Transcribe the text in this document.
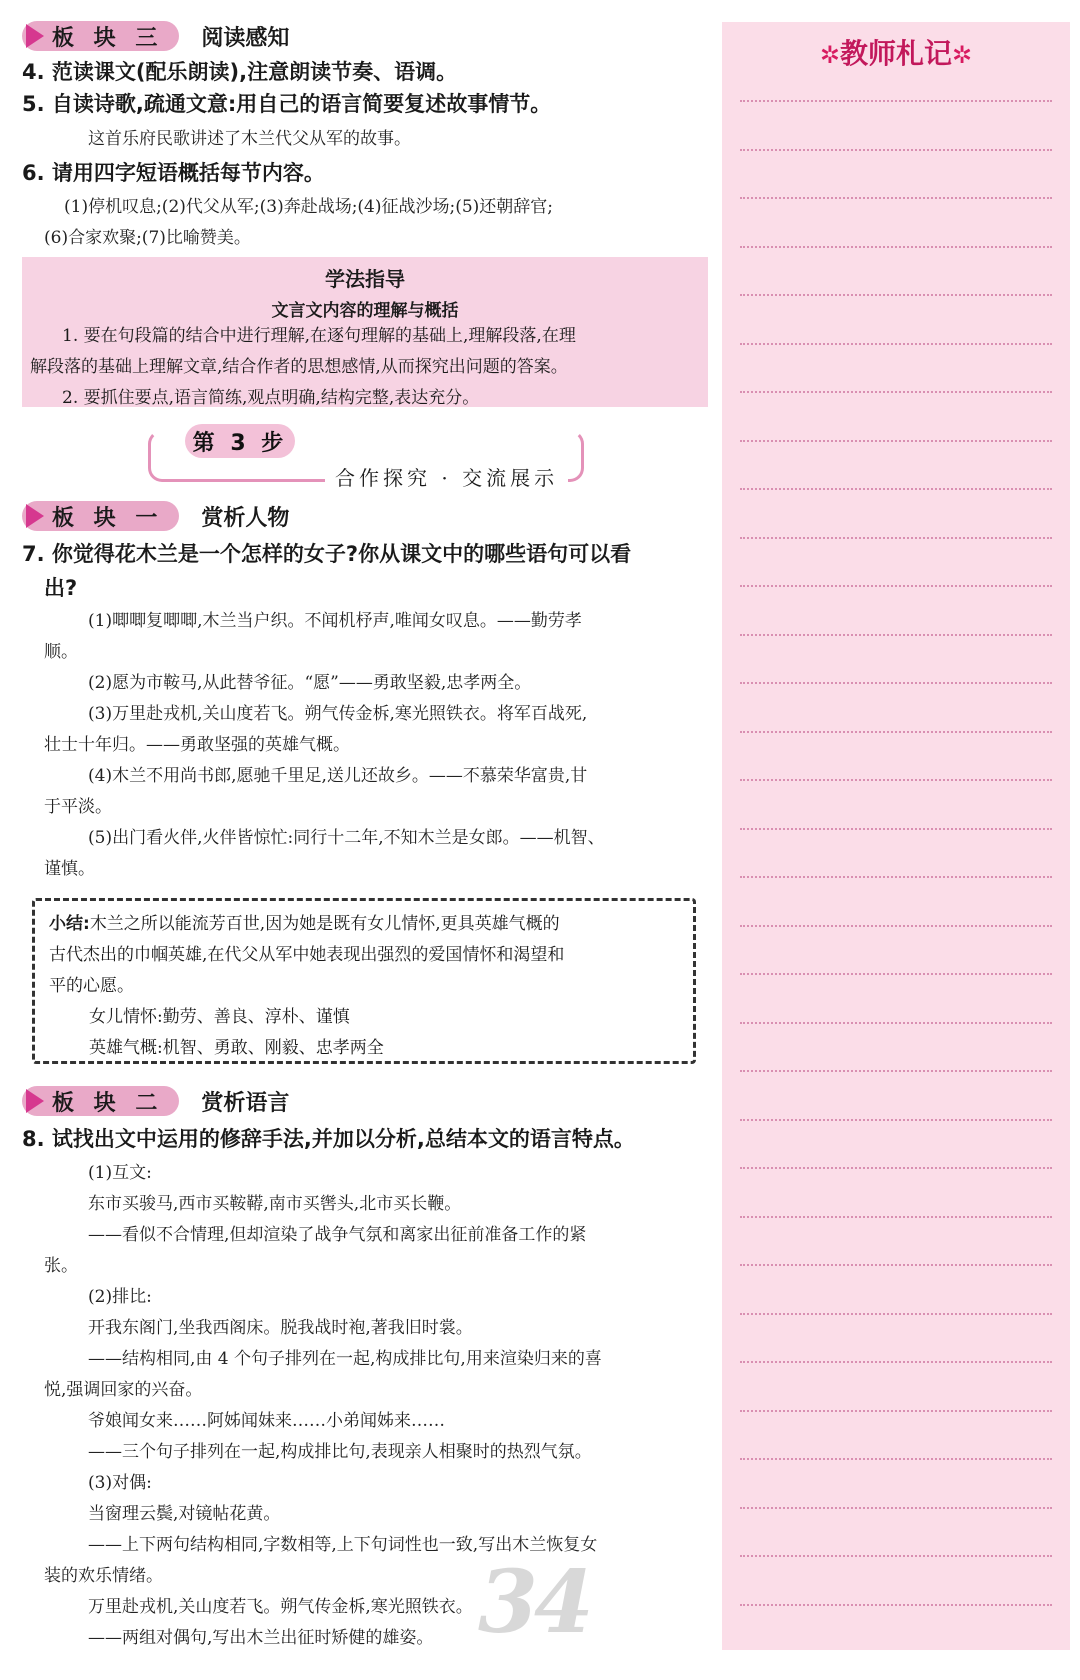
板 块 三 阅读感知
4. 范读课文(配乐朗读),注意朗读节奏、语调。
5. 自读诗歌,疏通文意:用自己的语言简要复述故事情节。
这首乐府民歌讲述了木兰代父从军的故事。
6. 请用四字短语概括每节内容。
(1)停机叹息;(2)代父从军;(3)奔赴战场;(4)征战沙场;(5)还朝辞官;
(6)合家欢聚;(7)比喻赞美。
学法指导
文言文内容的理解与概括
1. 要在句段篇的结合中进行理解,在逐句理解的基础上,理解段落,在理
解段落的基础上理解文章,结合作者的思想感情,从而探究出问题的答案。
2. 要抓住要点,语言简练,观点明确,结构完整,表达充分。
第 3 步
合作探究 · 交流展示
板 块 一 赏析人物
7. 你觉得花木兰是一个怎样的女子?你从课文中的哪些语句可以看
出?
(1)唧唧复唧唧,木兰当户织。不闻机杼声,唯闻女叹息。——勤劳孝
顺。
(2)愿为市鞍马,从此替爷征。“愿”——勇敢坚毅,忠孝两全。
(3)万里赴戎机,关山度若飞。朔气传金柝,寒光照铁衣。将军百战死,
壮士十年归。——勇敢坚强的英雄气概。
(4)木兰不用尚书郎,愿驰千里足,送儿还故乡。——不慕荣华富贵,甘
于平淡。
(5)出门看火伴,火伴皆惊忙:同行十二年,不知木兰是女郎。——机智、
谨慎。
小结:木兰之所以能流芳百世,因为她是既有女儿情怀,更具英雄气概的
古代杰出的巾帼英雄,在代父从军中她表现出强烈的爱国情怀和渴望和
平的心愿。
女儿情怀:勤劳、善良、淳朴、谨慎
英雄气概:机智、勇敢、刚毅、忠孝两全
板 块 二 赏析语言
8. 试找出文中运用的修辞手法,并加以分析,总结本文的语言特点。
(1)互文:
东市买骏马,西市买鞍鞯,南市买辔头,北市买长鞭。
——看似不合情理,但却渲染了战争气氛和离家出征前准备工作的紧
张。
(2)排比:
开我东阁门,坐我西阁床。脱我战时袍,著我旧时裳。
——结构相同,由 4 个句子排列在一起,构成排比句,用来渲染归来的喜
悦,强调回家的兴奋。
爷娘闻女来……阿姊闻妹来……小弟闻姊来……
——三个句子排列在一起,构成排比句,表现亲人相聚时的热烈气氛。
(3)对偶:
当窗理云鬓,对镜帖花黄。
——上下两句结构相同,字数相等,上下句词性也一致,写出木兰恢复女
装的欢乐情绪。	34
万里赴戎机,关山度若飞。朔气传金柝,寒光照铁衣。
——两组对偶句,写出木兰出征时矫健的雄姿。
✲教师札记✲
